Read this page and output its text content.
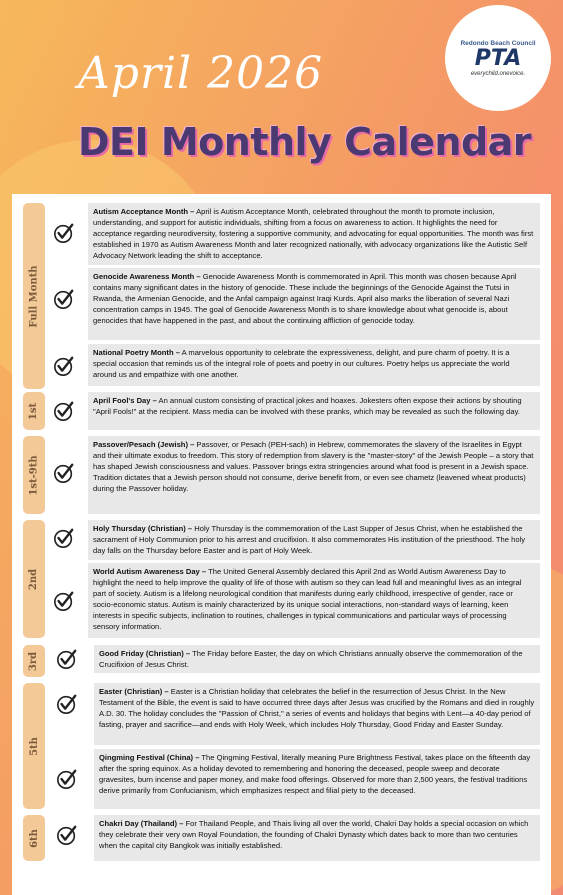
April 2026
DEI Monthly Calendar
Redondo Beach Council
PTA
everychild.onevoice.
Full Month
1st
1st-9th
2nd
3rd
5th
6th
Autism Acceptance Month – April is Autism Acceptance Month, celebrated throughout the month to promote inclusion, understanding, and support for autistic individuals, shifting from a focus on awareness to action. It highlights the need for acceptance regarding neurodiversity, fostering a supportive community, and advocating for equal opportunities. The month was first established in 1970 as Autism Awareness Month and later recognized nationally, with advocacy organizations like the Autistic Self Advocacy Network leading the shift to acceptance.
Genocide Awareness Month – Genocide Awareness Month is commemorated in April. This month was chosen because April contains many significant dates in the history of genocide. These include the beginnings of the Genocide Against the Tutsi in Rwanda, the Armenian Genocide, and the Anfal campaign against Iraqi Kurds. April also marks the liberation of several Nazi concentration camps in 1945. The goal of Genocide Awareness Month is to share knowledge about what genocide is, about genocides that have happened in the past, and about the continuing affliction of genocide today.
National Poetry Month – A marvelous opportunity to celebrate the expressiveness, delight, and pure charm of poetry. It is a special occasion that reminds us of the integral role of poets and poetry in our cultures. Poetry helps us appreciate the world around us and empathize with one another.
April Fool's Day – An annual custom consisting of practical jokes and hoaxes. Jokesters often expose their actions by shouting "April Fools!" at the recipient. Mass media can be involved with these pranks, which may be revealed as such the following day.
Passover/Pesach (Jewish) – Passover, or Pesach (PEH-sach) in Hebrew, commemorates the slavery of the Israelites in Egypt and their ultimate exodus to freedom. This story of redemption from slavery is the "master-story" of the Jewish People – a story that has shaped Jewish consciousness and values. Passover brings extra stringencies around what food is present in a Jewish space. Tradition dictates that a Jewish person should not consume, derive benefit from, or even see chametz (leavened wheat products) during the Passover holiday.
Holy Thursday (Christian) – Holy Thursday is the commemoration of the Last Supper of Jesus Christ, when he established the sacrament of Holy Communion prior to his arrest and crucifixion. It also commemorates His institution of the priesthood. The holy day falls on the Thursday before Easter and is part of Holy Week.
World Autism Awareness Day – The United General Assembly declared this April 2nd as World Autism Awareness Day to highlight the need to help improve the quality of life of those with autism so they can lead full and meaningful lives as an integral part of society. Autism is a lifelong neurological condition that manifests during early childhood, irrespective of gender, race or socio-economic status. Autism is mainly characterized by its unique social interactions, non-standard ways of learning, keen interests in specific subjects, inclination to routines, challenges in typical communications and particular ways of processing sensory information.
Good Friday (Christian) – The Friday before Easter, the day on which Christians annually observe the commemoration of the Crucifixion of Jesus Christ.
Easter (Christian) – Easter is a Christian holiday that celebrates the belief in the resurrection of Jesus Christ. In the New Testament of the Bible, the event is said to have occurred three days after Jesus was crucified by the Romans and died in roughly A.D. 30. The holiday concludes the "Passion of Christ," a series of events and holidays that begins with Lent—a 40-day period of fasting, prayer and sacrifice—and ends with Holy Week, which includes Holy Thursday, Good Friday and Easter Sunday.
Qingming Festival (China) – The Qingming Festival, literally meaning Pure Brightness Festival, takes place on the fifteenth day after the spring equinox. As a holiday devoted to remembering and honoring the deceased, people sweep and decorate gravesites, burn incense and paper money, and make food offerings. Observed for more than 2,500 years, the festival traditions derive primarily from Confucianism, which emphasizes respect and filial piety to the deceased.
Chakri Day (Thailand) – For Thailand People, and Thais living all over the world, Chakri Day holds a special occasion on which they celebrate their very own Royal Foundation, the founding of Chakri Dynasty which dates back to more than two centuries when the capital city Bangkok was initially established.
